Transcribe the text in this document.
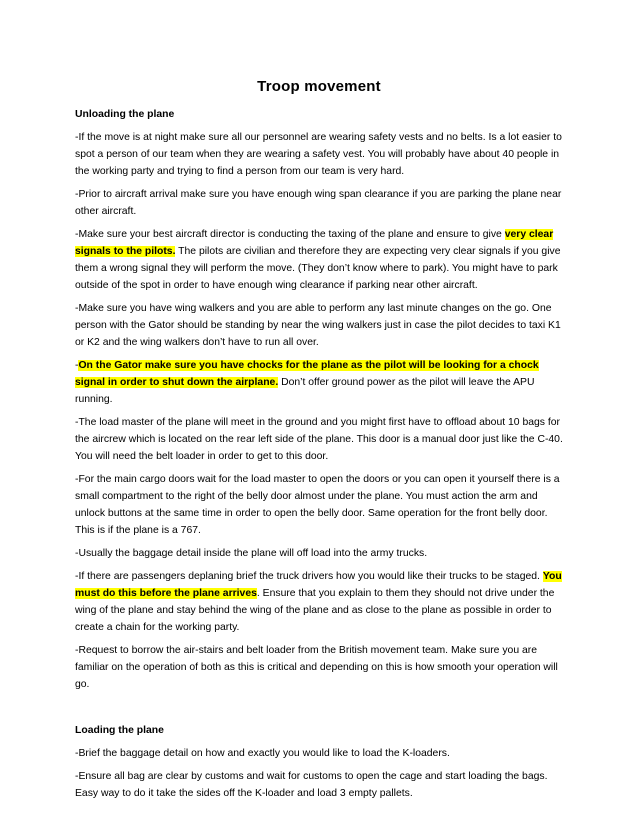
Troop movement

Unloading the plane

-If the move is at night make sure all our personnel are wearing safety vests and no belts. Is a lot easier to spot a person of our team when they are wearing a safety vest. You will probably have about 40 people in the working party and trying to find a person from our team is very hard.

-Prior to aircraft arrival make sure you have enough wing span clearance if you are parking the plane near other aircraft.

-Make sure your best aircraft director is conducting the taxing of the plane and ensure to give very clear signals to the pilots. The pilots are civilian and therefore they are expecting very clear signals if you give them a wrong signal they will perform the move. (They don’t know where to park). You might have to park outside of the spot in order to have enough wing clearance if parking near other aircraft.

-Make sure you have wing walkers and you are able to perform any last minute changes on the go. One person with the Gator should be standing by near the wing walkers just in case the pilot decides to taxi K1 or K2 and the wing walkers don’t have to run all over.

-On the Gator make sure you have chocks for the plane as the pilot will be looking for a chock signal in order to shut down the airplane. Don’t offer ground power as the pilot will leave the APU running.

-The load master of the plane will meet in the ground and you might first have to offload about 10 bags for the aircrew which is located on the rear left side of the plane. This door is a manual door just like the C-40. You will need the belt loader in order to get to this door.

-For the main cargo doors wait for the load master to open the doors or you can open it yourself there is a small compartment to the right of the belly door almost under the plane. You must action the arm and unlock buttons at the same time in order to open the belly door. Same operation for the front belly door. This is if the plane is a 767.

-Usually the baggage detail inside the plane will off load into the army trucks.

-If there are passengers deplaning brief the truck drivers how you would like their trucks to be staged. You must do this before the plane arrives. Ensure that you explain to them they should not drive under the wing of the plane and stay behind the wing of the plane and as close to the plane as possible in order to create a chain for the working party.

-Request to borrow the air-stairs and belt loader from the British movement team. Make sure you are familiar on the operation of both as this is critical and depending on this is how smooth your operation will go.

Loading the plane

-Brief the baggage detail on how and exactly you would like to load the K-loaders.

-Ensure all bag are clear by customs and wait for customs to open the cage and start loading the bags. Easy way to do it take the sides off the K-loader and load 3 empty pallets.
